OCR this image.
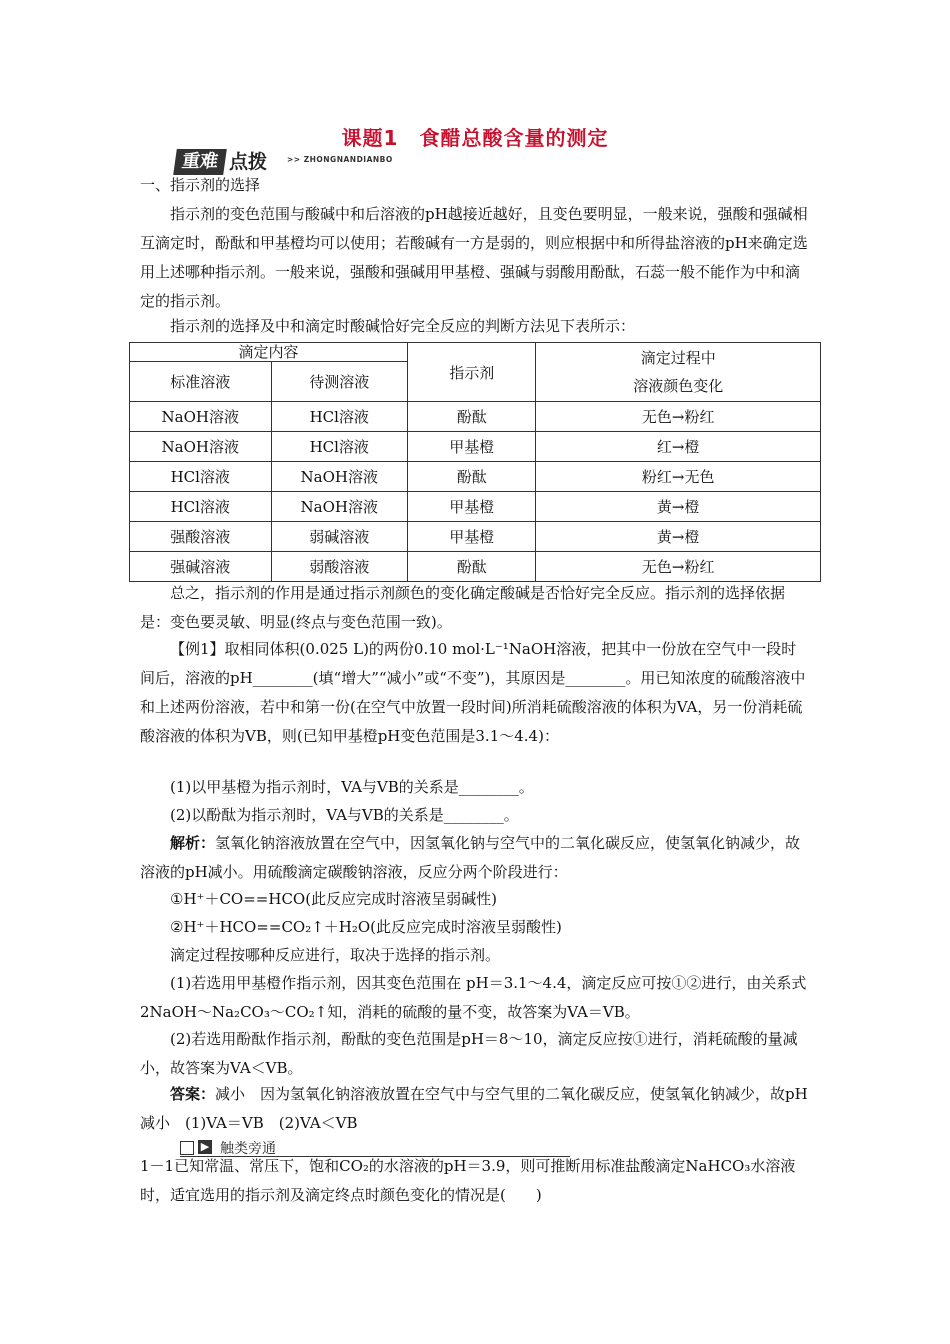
课题1　食醋总酸含量的测定
重难 点拨	>> ZHONGNANDIANBO

一、指示剂的选择

指示剂的变色范围与酸碱中和后溶液的pH越接近越好，且变色要明显，一般来说，强酸和强碱相互滴定时，酚酞和甲基橙均可以使用；若酸碱有一方是弱的，则应根据中和所得盐溶液的pH来确定选用上述哪种指示剂。一般来说，强酸和强碱用甲基橙、强碱与弱酸用酚酞，石蕊一般不能作为中和滴定的指示剂。

指示剂的选择及中和滴定时酸碱恰好完全反应的判断方法见下表所示：

滴定内容		指示剂	滴定过程中
溶液颜色变化

标准溶液	待测溶液		
NaOH溶液	HCl溶液	酚酞	无色→粉红
NaOH溶液	HCl溶液	甲基橙	红→橙
HCl溶液	NaOH溶液	酚酞	粉红→无色
HCl溶液	NaOH溶液	甲基橙	黄→橙
强酸溶液	弱碱溶液	甲基橙	黄→橙
强碱溶液	弱酸溶液	酚酞	无色→粉红

总之，指示剂的作用是通过指示剂颜色的变化确定酸碱是否恰好完全反应。指示剂的选择依据是：变色要灵敏、明显(终点与变色范围一致)。

【例1】取相同体积(0.025 L)的两份0.10 mol·L⁻¹NaOH溶液，把其中一份放在空气中一段时间后，溶液的pH________(填“增大”“减小”或“不变”)，其原因是________。用已知浓度的硫酸溶液中和上述两份溶液，若中和第一份(在空气中放置一段时间)所消耗硫酸溶液的体积为VA，另一份消耗硫酸溶液的体积为VB，则(已知甲基橙pH变色范围是3.1～4.4)：

(1)以甲基橙为指示剂时，VA与VB的关系是________。

(2)以酚酞为指示剂时，VA与VB的关系是________。

解析：氢氧化钠溶液放置在空气中，因氢氧化钠与空气中的二氧化碳反应，使氢氧化钠减少，故溶液的pH减小。用硫酸滴定碳酸钠溶液，反应分两个阶段进行：

①H⁺＋CO==HCO(此反应完成时溶液呈弱碱性)

②H⁺＋HCO==CO₂↑＋H₂O(此反应完成时溶液呈弱酸性)

滴定过程按哪种反应进行，取决于选择的指示剂。

(1)若选用甲基橙作指示剂，因其变色范围在 pH＝3.1～4.4，滴定反应可按①②进行，由关系式2NaOH～Na₂CO₃～CO₂↑知，消耗的硫酸的量不变，故答案为VA＝VB。

(2)若选用酚酞作指示剂，酚酞的变色范围是pH＝8～10，滴定反应按①进行，消耗硫酸的量减小，故答案为VA＜VB。

答案：减小　因为氢氧化钠溶液放置在空气中与空气里的二氧化碳反应，使氢氧化钠减少，故pH减小　(1)VA＝VB　(2)VA＜VB

▶ 触类旁通

1－1已知常温、常压下，饱和CO₂的水溶液的pH＝3.9，则可推断用标准盐酸滴定NaHCO₃水溶液时，适宜选用的指示剂及滴定终点时颜色变化的情况是(　　)
